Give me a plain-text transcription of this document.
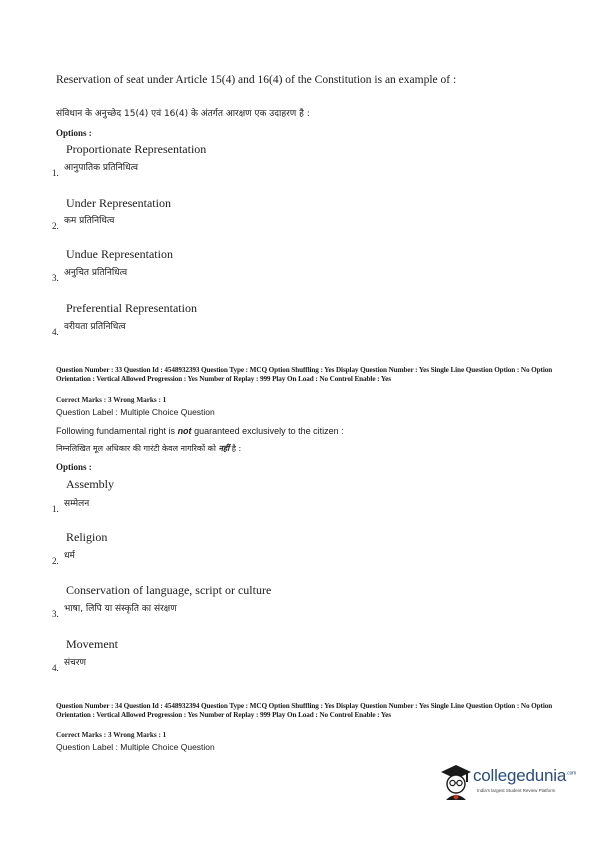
Reservation of seat under Article 15(4) and 16(4) of the Constitution is an example of :
संविधान के अनुच्छेद 15(4) एवं 16(4) के अंतर्गत आरक्षण एक उदाहरण है :
Options :
Proportionate Representation
1. आनुपातिक प्रतिनिधित्व
Under Representation
2. कम प्रतिनिधित्व
Undue Representation
3. अनुचित प्रतिनिधित्व
Preferential Representation
4. वरीयता प्रतिनिधित्व
Question Number : 33 Question Id : 4548932393 Question Type : MCQ Option Shuffling : Yes Display Question Number : Yes Single Line Question Option : No Option Orientation : Vertical Allowed Progression : Yes Number of Replay : 999 Play On Load : No Control Enable : Yes
Correct Marks : 3 Wrong Marks : 1
Question Label : Multiple Choice Question
Following fundamental right is not guaranteed exclusively to the citizen :
निम्नलिखित मूल अधिकार की गारंटी केवल नागरिकों को नहीं है :
Options :
Assembly
1. सम्मेलन
Religion
2. धर्म
Conservation of language, script or culture
3. भाषा, लिपि या संस्कृति का संरक्षण
Movement
4. संचरण
Question Number : 34 Question Id : 4548932394 Question Type : MCQ Option Shuffling : Yes Display Question Number : Yes Single Line Question Option : No Option Orientation : Vertical Allowed Progression : Yes Number of Replay : 999 Play On Load : No Control Enable : Yes
Correct Marks : 3 Wrong Marks : 1
Question Label : Multiple Choice Question
collegedunia$^{.com}$
India's largest Student Review Platform
